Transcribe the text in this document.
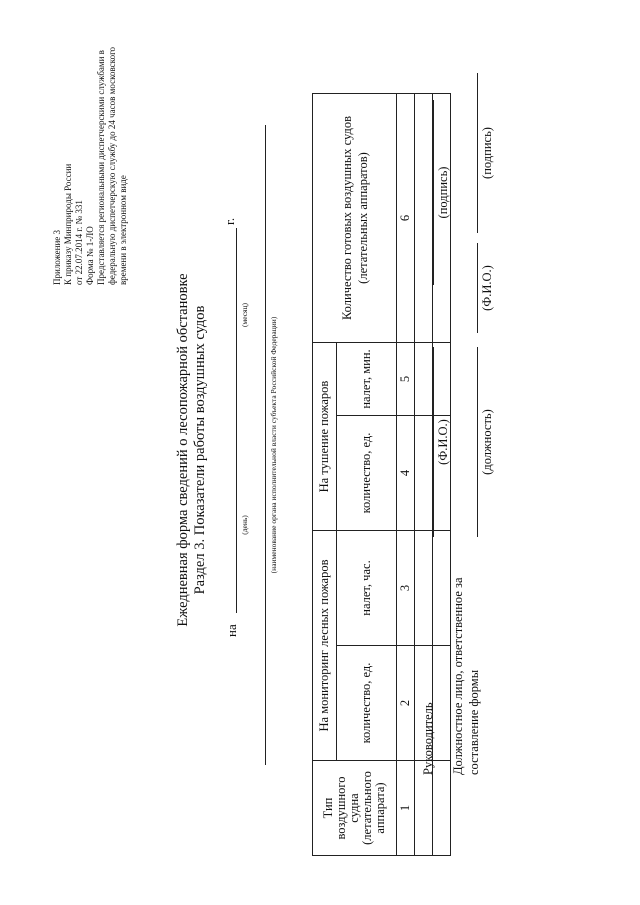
Приложение 3 К приказу Минприроды России от 22.07.2014 г. № 331 Форма № 1-ЛО Представляется региональными диспетчерскими службами в федеральную диспетчерскую службу до 24 часов московского времени в электронном виде
Ежедневная форма сведений о лесопожарной обстановке Раздел 3. Показатели работы воздушных судов
на
г.
(день)
(месяц)
(наименование органа исполнительной власти субъекта Российской Федерации)
Тип воздушного судна (летательного аппарата)	На мониторинг лесных пожаров		На тушение пожаров		Количество готовых воздушных судов (летательных аппаратов)
	количество, ед.	налет, час.	количество, ед.	налет, мин.	
1	2	3	4	5	6

Руководитель Должностное лицо, ответственное за составление формы
(Ф.И.О.)
(подпись)
(должность)
(Ф.И.О.)
(подпись)
